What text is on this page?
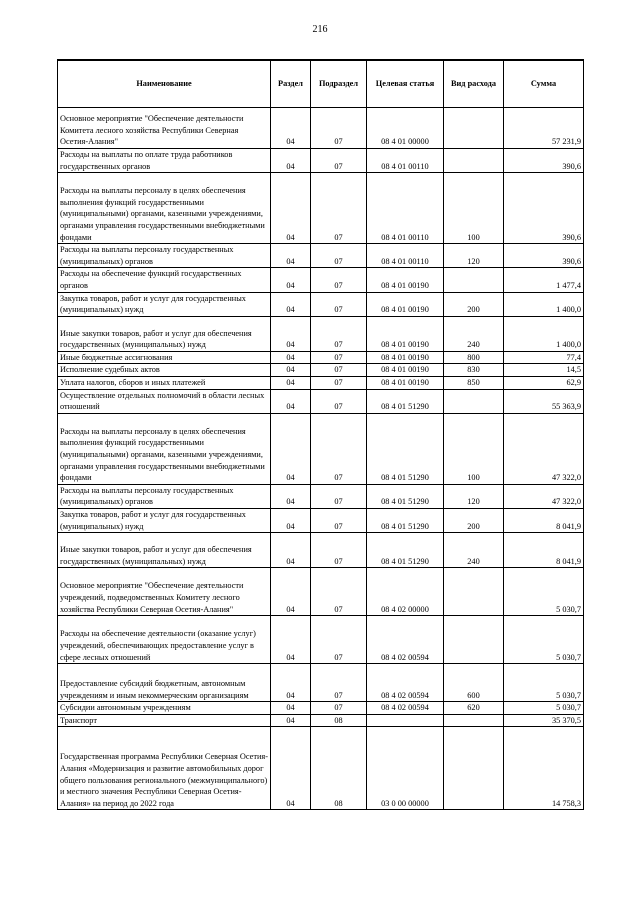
216
Наименование	Раздел	Подраздел	Целевая статья	Вид расхода	Сумма
Основное мероприятие "Обеспечение деятельности Комитета лесного хозяйства Республики Северная Осетия-Алания"	04	07	08 4 01 00000		57 231,9
Расходы на выплаты по оплате труда работников государственных органов	04	07	08 4 01 00110		390,6
Расходы на выплаты персоналу в целях обеспечения выполнения функций государственными (муниципальными) органами, казенными учреждениями, органами управления государственными внебюджетными фондами	04	07	08 4 01 00110	100	390,6
Расходы на выплаты персоналу государственных (муниципальных) органов	04	07	08 4 01 00110	120	390,6
Расходы на обеспечение функций государственных органов	04	07	08 4 01 00190		1 477,4
Закупка товаров, работ и услуг для государственных (муниципальных) нужд	04	07	08 4 01 00190	200	1 400,0
Иные закупки товаров, работ и услуг для обеспечения государственных (муниципальных) нужд	04	07	08 4 01 00190	240	1 400,0
Иные бюджетные ассигнования	04	07	08 4 01 00190	800	77,4
Исполнение судебных актов	04	07	08 4 01 00190	830	14,5
Уплата налогов, сборов и иных платежей	04	07	08 4 01 00190	850	62,9
Осуществление отдельных полномочий в области лесных отношений	04	07	08 4 01 51290		55 363,9
Расходы на выплаты персоналу в целях обеспечения выполнения функций государственными (муниципальными) органами, казенными учреждениями, органами управления государственными внебюджетными фондами	04	07	08 4 01 51290	100	47 322,0
Расходы на выплаты персоналу государственных (муниципальных) органов	04	07	08 4 01 51290	120	47 322,0
Закупка товаров, работ и услуг для государственных (муниципальных) нужд	04	07	08 4 01 51290	200	8 041,9
Иные закупки товаров, работ и услуг для обеспечения государственных (муниципальных) нужд	04	07	08 4 01 51290	240	8 041,9
Основное мероприятие "Обеспечение деятельности учреждений, подведомственных Комитету лесного хозяйства Республики Северная Осетия-Алания"	04	07	08 4 02 00000		5 030,7
Расходы на обеспечение деятельности (оказание услуг) учреждений, обеспечивающих предоставление услуг в сфере лесных отношений	04	07	08 4 02 00594		5 030,7
Предоставление субсидий бюджетным, автономным учреждениям и иным некоммерческим организациям	04	07	08 4 02 00594	600	5 030,7
Субсидии автономным учреждениям	04	07	08 4 02 00594	620	5 030,7
Транспорт	04	08			35 370,5
Государственная программа Республики Северная Осетия-Алания «Модернизация и развитие автомобильных дорог общего пользования регионального (межмуниципального) и местного значения Республики Северная Осетия-Алания» на период до 2022 года	04	08	03 0 00 00000		14 758,3
